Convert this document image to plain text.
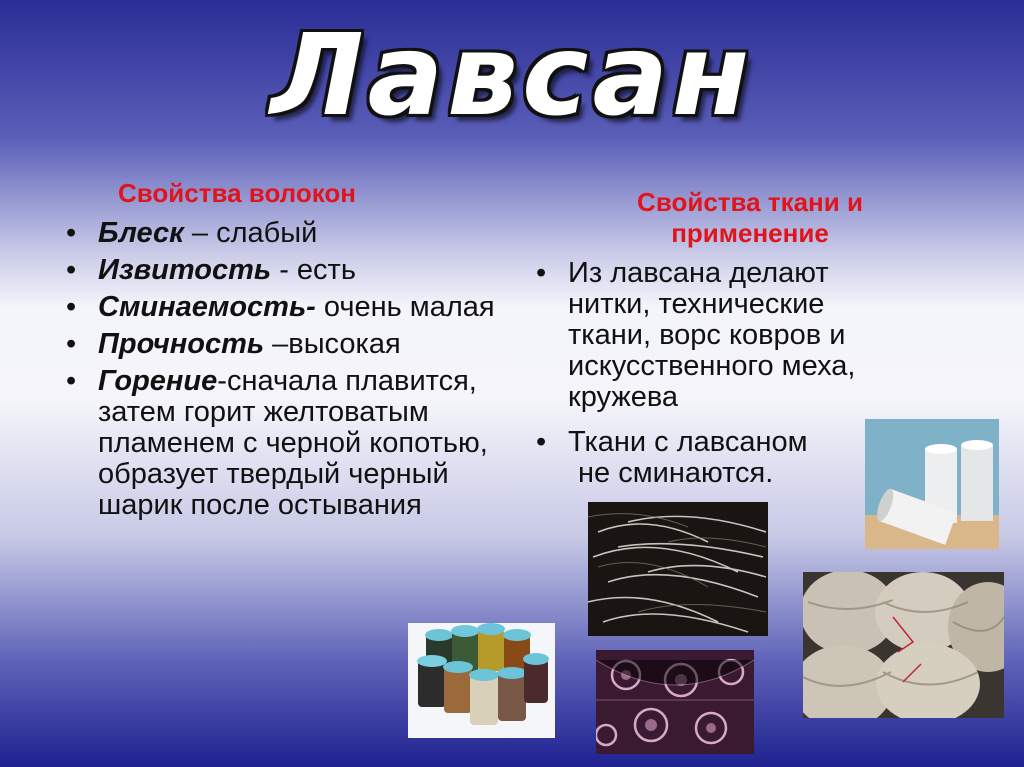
Лавсан
Свойства волокон
• Блеск – слабый
• Извитость - есть
• Сминаемость- очень малая
• Прочность –высокая
• Горение-сначала плавится, затем горит желтоватым пламенем с черной копотью, образует твердый черный шарик после остывания
Свойства ткани и применение
• Из лавсана делают нитки, технические ткани, ворс ковров и искусственного меха, кружева
• Ткани с лавсаном
не сминаются.
